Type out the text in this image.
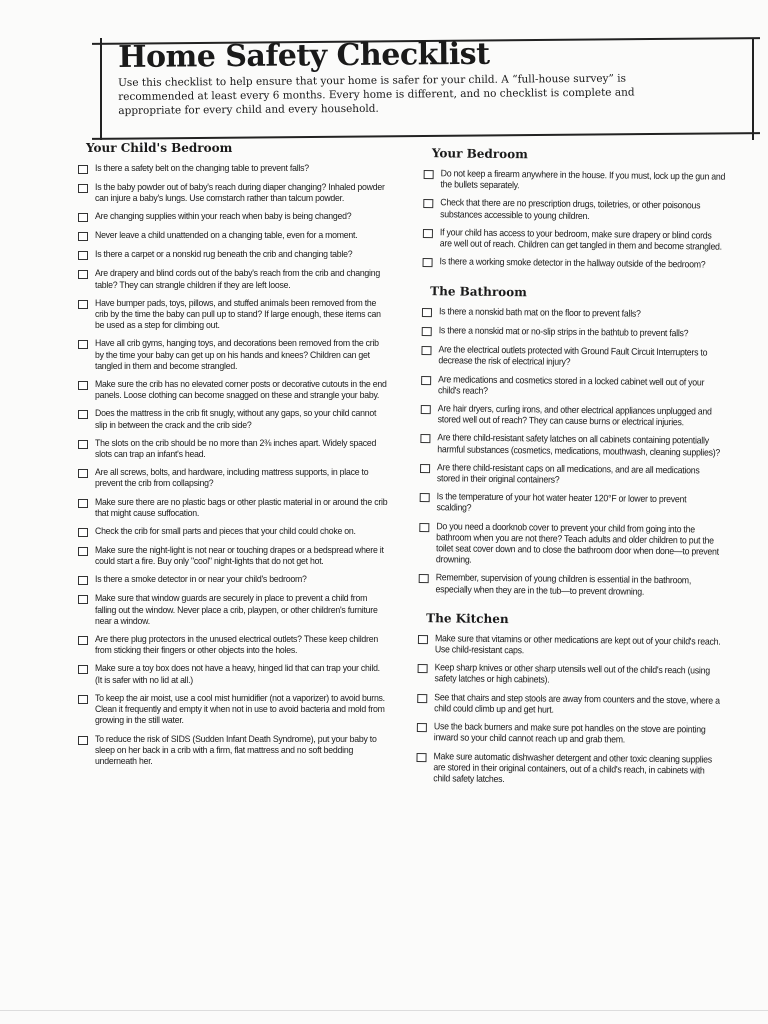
Home Safety Checklist
Use this checklist to help ensure that your home is safer for your child. A “full-house survey” is recommended at least every 6 months. Every home is different, and no checklist is complete and appropriate for every child and every household.
Your Child's Bedroom
Is there a safety belt on the changing table to prevent falls?
Is the baby powder out of baby's reach during diaper changing? Inhaled powder can injure a baby's lungs. Use cornstarch rather than talcum powder.
Are changing supplies within your reach when baby is being changed?
Never leave a child unattended on a changing table, even for a moment.
Is there a carpet or a nonskid rug beneath the crib and changing table?
Are drapery and blind cords out of the baby's reach from the crib and changing table? They can strangle children if they are left loose.
Have bumper pads, toys, pillows, and stuffed animals been removed from the crib by the time the baby can pull up to stand? If large enough, these items can be used as a step for climbing out.
Have all crib gyms, hanging toys, and decorations been removed from the crib by the time your baby can get up on his hands and knees? Children can get tangled in them and become strangled.
Make sure the crib has no elevated corner posts or decorative cutouts in the end panels. Loose clothing can become snagged on these and strangle your baby.
Does the mattress in the crib fit snugly, without any gaps, so your child cannot slip in between the crack and the crib side?
The slots on the crib should be no more than 2⅜ inches apart. Widely spaced slots can trap an infant's head.
Are all screws, bolts, and hardware, including mattress supports, in place to prevent the crib from collapsing?
Make sure there are no plastic bags or other plastic material in or around the crib that might cause suffocation.
Check the crib for small parts and pieces that your child could choke on.
Make sure the night-light is not near or touching drapes or a bedspread where it could start a fire. Buy only "cool" night-lights that do not get hot.
Is there a smoke detector in or near your child's bedroom?
Make sure that window guards are securely in place to prevent a child from falling out the window. Never place a crib, playpen, or other children's furniture near a window.
Are there plug protectors in the unused electrical outlets? These keep children from sticking their fingers or other objects into the holes.
Make sure a toy box does not have a heavy, hinged lid that can trap your child. (It is safer with no lid at all.)
To keep the air moist, use a cool mist humidifier (not a vaporizer) to avoid burns. Clean it frequently and empty it when not in use to avoid bacteria and mold from growing in the still water.
To reduce the risk of SIDS (Sudden Infant Death Syndrome), put your baby to sleep on her back in a crib with a firm, flat mattress and no soft bedding underneath her.
Your Bedroom
Do not keep a firearm anywhere in the house. If you must, lock up the gun and the bullets separately.
Check that there are no prescription drugs, toiletries, or other poisonous substances accessible to young children.
If your child has access to your bedroom, make sure drapery or blind cords are well out of reach. Children can get tangled in them and become strangled.
Is there a working smoke detector in the hallway outside of the bedroom?
The Bathroom
Is there a nonskid bath mat on the floor to prevent falls?
Is there a nonskid mat or no-slip strips in the bathtub to prevent falls?
Are the electrical outlets protected with Ground Fault Circuit Interrupters to decrease the risk of electrical injury?
Are medications and cosmetics stored in a locked cabinet well out of your child's reach?
Are hair dryers, curling irons, and other electrical appliances unplugged and stored well out of reach? They can cause burns or electrical injuries.
Are there child-resistant safety latches on all cabinets containing potentially harmful substances (cosmetics, medications, mouthwash, cleaning supplies)?
Are there child-resistant caps on all medications, and are all medications stored in their original containers?
Is the temperature of your hot water heater 120°F or lower to prevent scalding?
Do you need a doorknob cover to prevent your child from going into the bathroom when you are not there? Teach adults and older children to put the toilet seat cover down and to close the bathroom door when done—to prevent drowning.
Remember, supervision of young children is essential in the bathroom, especially when they are in the tub—to prevent drowning.
The Kitchen
Make sure that vitamins or other medications are kept out of your child's reach. Use child-resistant caps.
Keep sharp knives or other sharp utensils well out of the child's reach (using safety latches or high cabinets).
See that chairs and step stools are away from counters and the stove, where a child could climb up and get hurt.
Use the back burners and make sure pot handles on the stove are pointing inward so your child cannot reach up and grab them.
Make sure automatic dishwasher detergent and other toxic cleaning supplies are stored in their original containers, out of a child's reach, in cabinets with child safety latches.
